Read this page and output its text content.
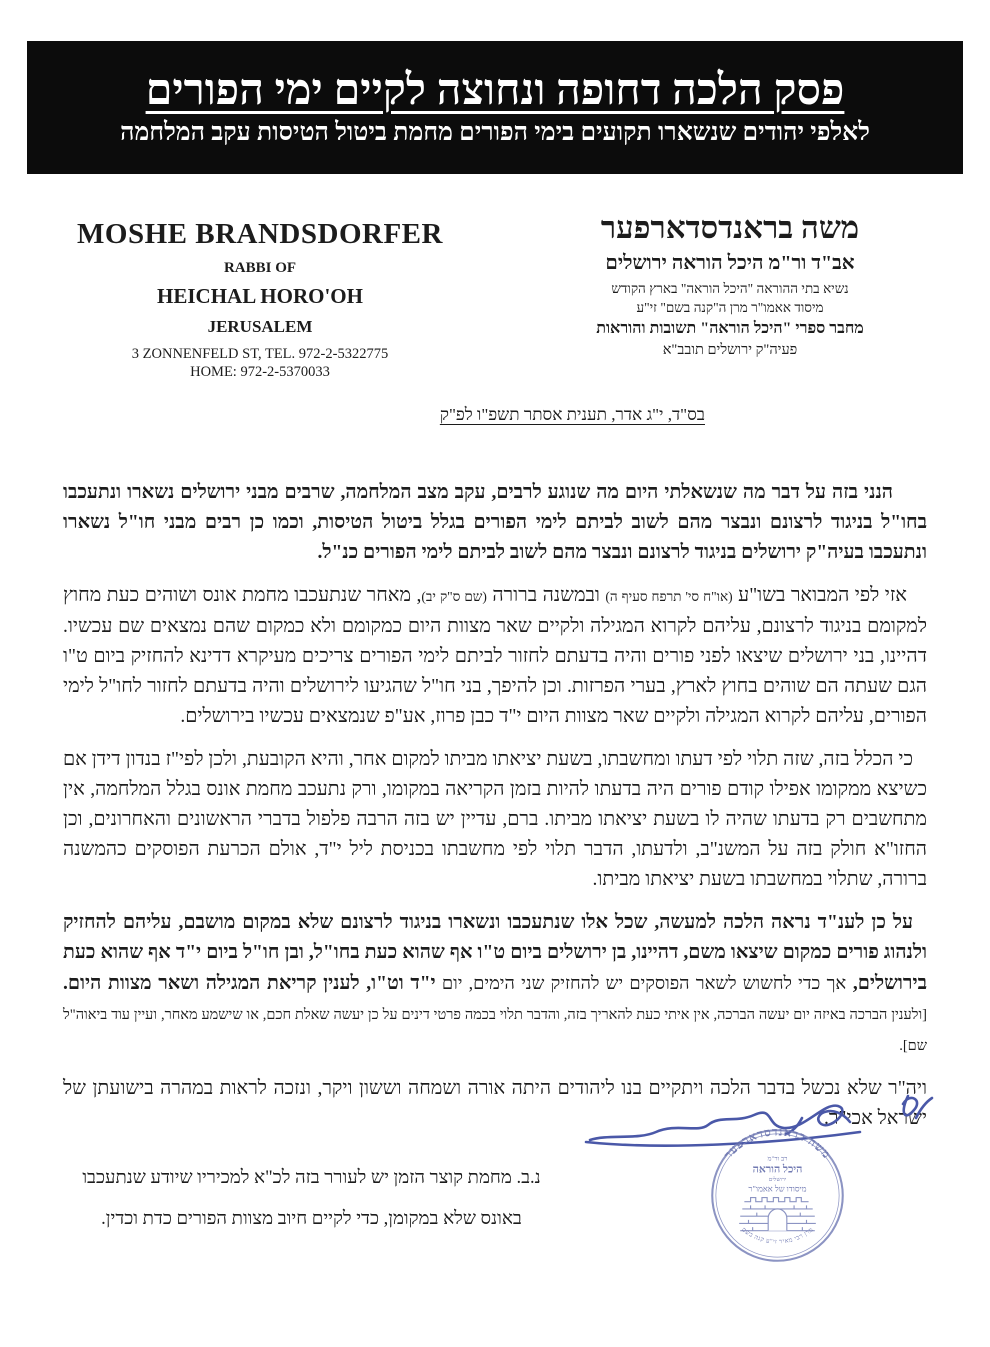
פסק הלכה דחופה ונחוצה לקיים ימי הפורים
לאלפי יהודים שנשארו תקועים בימי הפורים מחמת ביטול הטיסות עקב המלחמה
MOSHE BRANDSDORFER
RABBI OF
HEICHAL HORO'OH
JERUSALEM
3 ZONNENFELD ST, TEL. 972-2-5322775
HOME: 972-2-5370033
משה בראנדסדארפער
אב"ד ור"מ היכל הוראה ירושלים
נשיא בתי ההוראה "היכל הוראה" בארץ הקודש
מיסוד אאמו"ר מרן ה"קנה בשם" זי"ע
מחבר ספרי "היכל הוראה" תשובות והוראות
פעיה"ק ירושלים תובב"א
בס"ד, י"ג אדר, תענית אסתר תשפ"ו לפ"ק

הנני בזה על דבר מה שנשאלתי היום מה שנוגע לרבים, עקב מצב המלחמה, שרבים מבני ירושלים נשארו ונתעכבו בחו"ל בניגוד לרצונם ונבצר מהם לשוב לביתם לימי הפורים בגלל ביטול הטיסות, וכמו כן רבים מבני חו"ל נשארו ונתעכבו בעיה"ק ירושלים בניגוד לרצונם ונבצר מהם לשוב לביתם לימי הפורים כנ"ל.

אזי לפי המבואר בשו"ע (או"ח סי' תרפח סעיף ה) ובמשנה ברורה (שם ס"ק יב), מאחר שנתעכבו מחמת אונס ושוהים כעת מחוץ למקומם בניגוד לרצונם, עליהם לקרוא המגילה ולקיים שאר מצוות היום כמקומם ולא כמקום שהם נמצאים שם עכשיו. דהיינו, בני ירושלים שיצאו לפני פורים והיה בדעתם לחזור לביתם לימי הפורים צריכים מעיקרא דדינא להחזיק ביום ט"ו הגם שעתה הם שוהים בחוץ לארץ, בערי הפרזות. וכן להיפך, בני חו"ל שהגיעו לירושלים והיה בדעתם לחזור לחו"ל לימי הפורים, עליהם לקרוא המגילה ולקיים שאר מצוות היום י"ד כבן פרוז, אע"פ שנמצאים עכשיו בירושלים.

כי הכלל בזה, שזה תלוי לפי דעתו ומחשבתו, בשעת יציאתו מביתו למקום אחר, והיא הקובעת, ולכן לפי"ז בנדון דידן אם כשיצא ממקומו אפילו קודם פורים היה בדעתו להיות בזמן הקריאה במקומו, ורק נתעכב מחמת אונס בגלל המלחמה, אין מתחשבים רק בדעתו שהיה לו בשעת יציאתו מביתו. ברם, עדיין יש בזה הרבה פלפול בדברי הראשונים והאחרונים, וכן החזו"א חולק בזה על המשנ"ב, ולדעתו, הדבר תלוי לפי מחשבתו בכניסת ליל י"ד, אולם הכרעת הפוסקים כהמשנה ברורה, שתלוי במחשבתו בשעת יציאתו מביתו.

על כן לענ"ד נראה הלכה למעשה, שכל אלו שנתעכבו ונשארו בניגוד לרצונם שלא במקום מושבם, עליהם להחזיק ולנהוג פורים כמקום שיצאו משם, דהיינו, בן ירושלים ביום ט"ו אף שהוא כעת בחו"ל, ובן חו"ל ביום י"ד אף שהוא כעת בירושלים, אך כדי לחשוש לשאר הפוסקים יש להחזיק שני הימים, יום י"ד וט"ו, לענין קריאת המגילה ושאר מצוות היום. [ולענין הברכה באיזה יום יעשה הברכה, אין איתי כעת להאריך בזה, והדבר תלוי בכמה פרטי דינים על כן יעשה שאלת חכם, או שישמע מאחר, ועיין עוד ביאוה"ל שם].

ויה"ר שלא נכשל בדבר הלכה ויתקיים בנו ליהודים היתה אורה ושמחה וששון ויקר, ונזכה לראות במהרה בישועתן של ישראל אכי"ר.

משה בראנדסדארפער
רב ור"מ
היכל הוראה
ירושלים
מיסודו של אאמו"ר
מרן רבי מאיר זי"ע קנה בשם
נ.ב. מחמת קוצר הזמן יש לעורר בזה לכ"א למכיריו שיודע שנתעכבו באונס שלא במקומן, כדי לקיים חיוב מצוות הפורים כדת וכדין.
